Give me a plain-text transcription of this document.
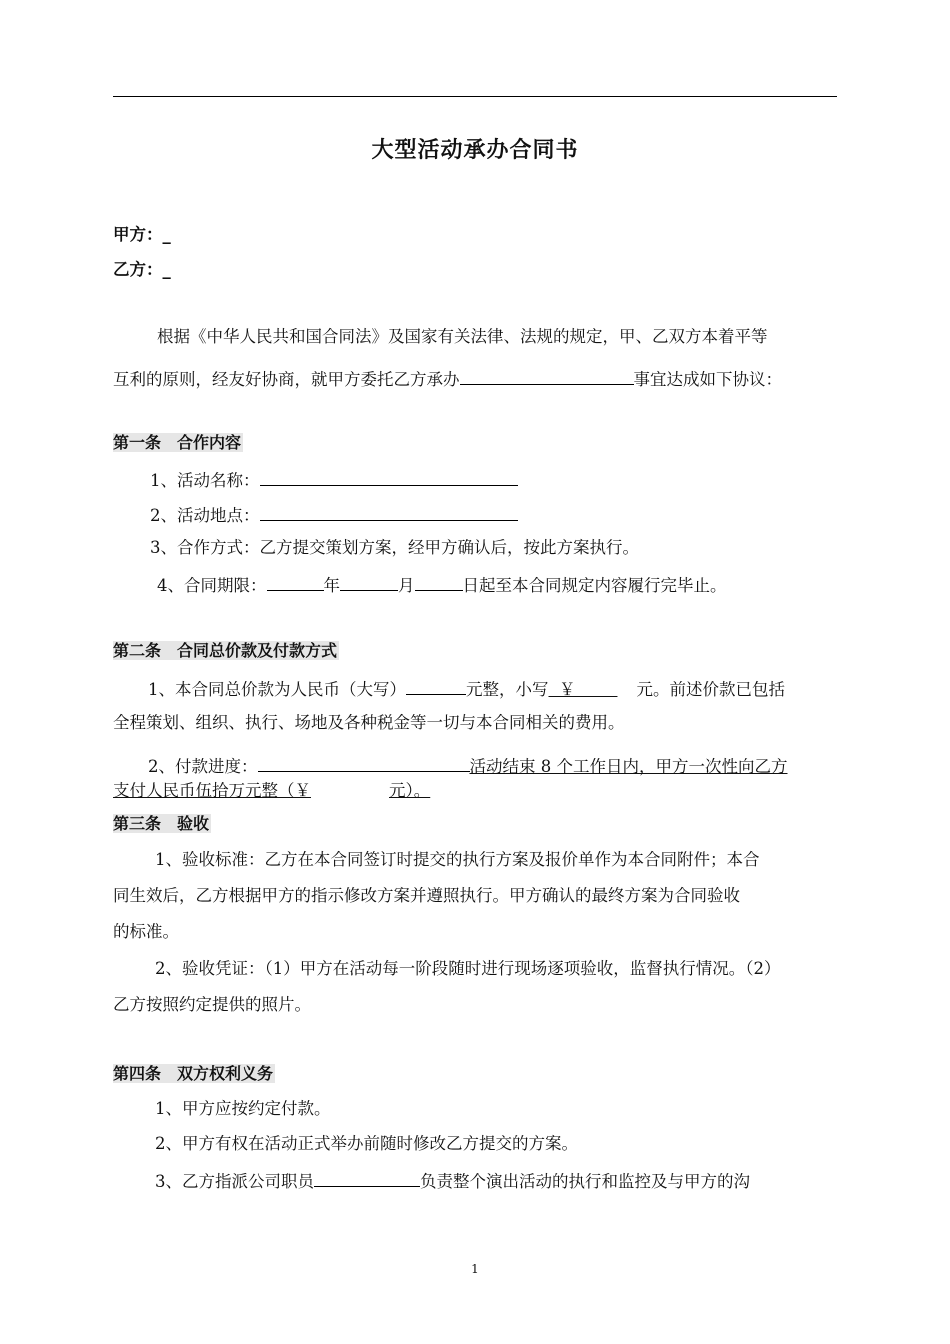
大型活动承办合同书
甲方：_
乙方：_
根据《中华人民共和国合同法》及国家有关法律、法规的规定，甲、乙双方本着平等
互利的原则，经友好协商，就甲方委托乙方承办	事宜达成如下协议：
第一条　合作内容
1、活动名称：
2、活动地点：
3、合作方式：乙方提交策划方案，经甲方确认后，按此方案执行。
4、合同期限：	年	月	日起至本合同规定内容履行完毕止。
第二条　合同总价款及付款方式
1、本合同总价款为人民币（大写）	元整，小写 ￥	元。前述价款已包括
全程策划、组织、执行、场地及各种税金等一切与本合同相关的费用。
2、付款进度：	活动结束 8 个工作日内，甲方一次性向乙方
支付人民币伍拾万元整（￥	元）。
第三条　验收
1、验收标准：乙方在本合同签订时提交的执行方案及报价单作为本合同附件；本合
同生效后，乙方根据甲方的指示修改方案并遵照执行。甲方确认的最终方案为合同验收
的标准。
2、验收凭证：（1）甲方在活动每一阶段随时进行现场逐项验收，监督执行情况。（2）
乙方按照约定提供的照片。
第四条　双方权利义务
1、甲方应按约定付款。
2、甲方有权在活动正式举办前随时修改乙方提交的方案。
3、乙方指派公司职员	负责整个演出活动的执行和监控及与甲方的沟
1
